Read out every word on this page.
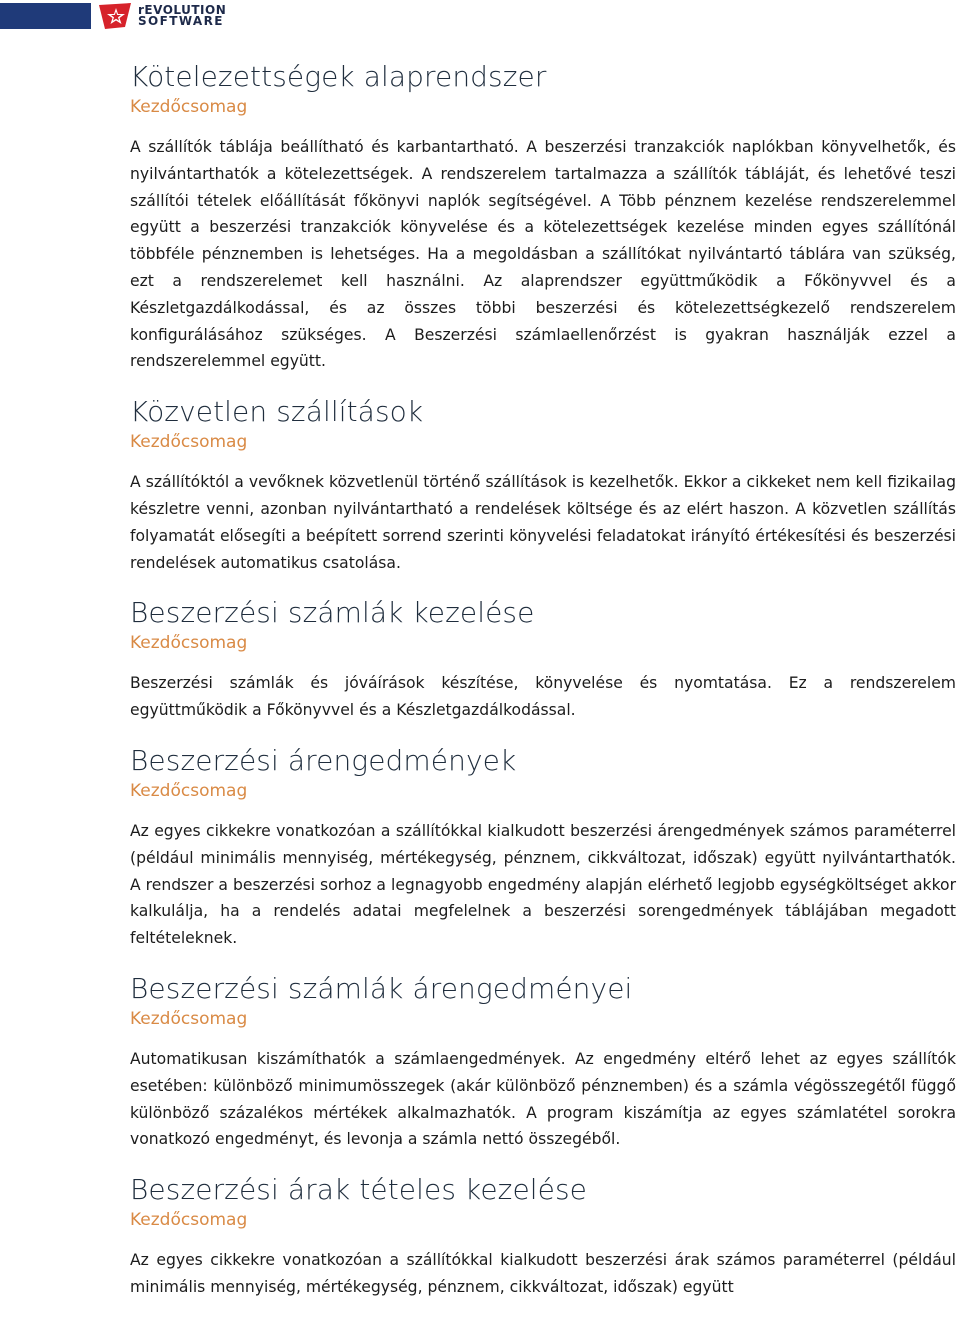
rEVOLUTION
SOFTWARE
Kötelezettségek alaprendszer
Kezdőcsomag

A szállítók táblája beállítható és karbantartható. A beszerzési tranzakciók naplókban könyvelhetők, és nyilvántarthatók a kötelezettségek. A rendszerelem tartalmazza a szállítók tábláját, és lehetővé teszi szállítói tételek előállítását főkönyvi naplók segítségével. A Több pénznem kezelése rendszerelemmel együtt a beszerzési tranzakciók könyvelése és a kötelezettségek kezelése minden egyes szállítónál többféle pénznemben is lehetséges. Ha a megoldásban a szállítókat nyilvántartó táblára van szükség, ezt a rendszerelemet kell használni. Az alaprendszer együttműködik a Főkönyvvel és a Készletgazdálkodással, és az összes többi beszerzési és kötelezettségkezelő rendszerelem konfigurálásához szükséges. A Beszerzési számlaellenőrzést is gyakran használják ezzel a rendszerelemmel együtt.

Közvetlen szállítások
Kezdőcsomag

A szállítóktól a vevőknek közvetlenül történő szállítások is kezelhetők. Ekkor a cikkeket nem kell fizikailag készletre venni, azonban nyilvántartható a rendelések költsége és az elért haszon. A közvetlen szállítás folyamatát elősegíti a beépített sorrend szerinti könyvelési feladatokat irányító értékesítési és beszerzési rendelések automatikus csatolása.

Beszerzési számlák kezelése
Kezdőcsomag

Beszerzési számlák és jóváírások készítése, könyvelése és nyomtatása. Ez a rendszerelem együttműködik a Főkönyvvel és a Készletgazdálkodással.

Beszerzési árengedmények
Kezdőcsomag

Az egyes cikkekre vonatkozóan a szállítókkal kialkudott beszerzési árengedmények számos paraméterrel (például minimális mennyiség, mértékegység, pénznem, cikkváltozat, időszak) együtt nyilvántarthatók. A rendszer a beszerzési sorhoz a legnagyobb engedmény alapján elérhető legjobb egységköltséget akkor kalkulálja, ha a rendelés adatai megfelelnek a beszerzési sorengedmények táblájában megadott feltételeknek.

Beszerzési számlák árengedményei
Kezdőcsomag

Automatikusan kiszámíthatók a számlaengedmények. Az engedmény eltérő lehet az egyes szállítók esetében: különböző minimumösszegek (akár különböző pénznemben) és a számla végösszegétől függő különböző százalékos mértékek alkalmazhatók. A program kiszámítja az egyes számlatétel sorokra vonatkozó engedményt, és levonja a számla nettó összegéből.

Beszerzési árak tételes kezelése
Kezdőcsomag

Az egyes cikkekre vonatkozóan a szállítókkal kialkudott beszerzési árak számos paraméterrel (például minimális mennyiség, mértékegység, pénznem, cikkváltozat, időszak) együtt
